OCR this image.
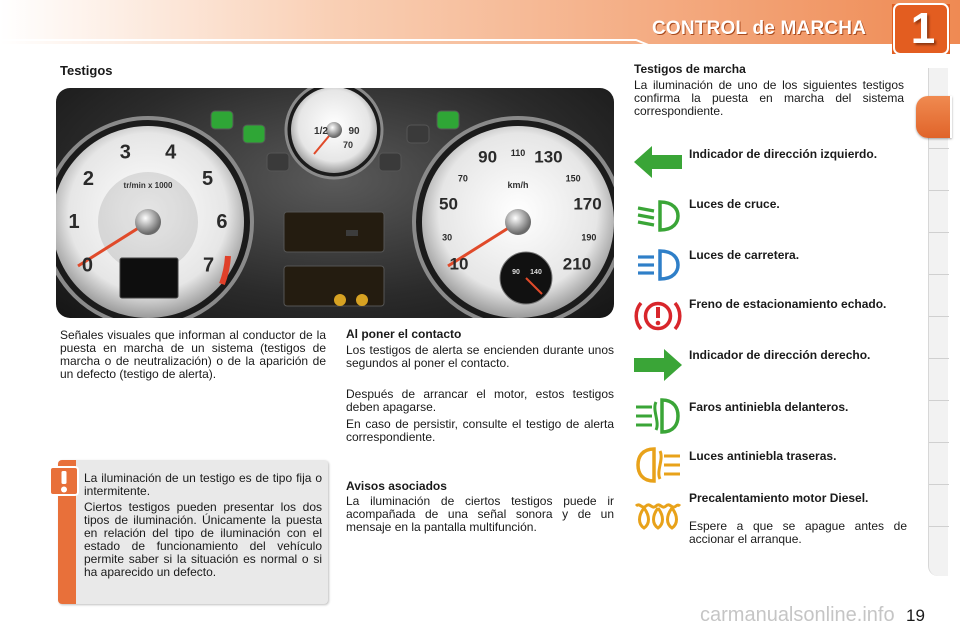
CONTROL de MARCHA 1
Testigos
0
1
2
3 4
5
6
7
tr/min x 1000
10
30
50
70
90 110 130
150
170
190
210
km/h
1/2 90
70
90 140
Señales visuales que informan al conductor de la puesta en marcha de un sistema (testigos de marcha o de neutralización) o de la aparición de un defecto (testigo de alerta).
La iluminación de un testigo es de tipo fija o intermitente.
Ciertos testigos pueden presentar los dos tipos de iluminación. Únicamente la puesta en relación del tipo de iluminación con el estado de funcionamiento del vehículo permite saber si la situación es normal o si ha aparecido un defecto.
Al poner el contacto
Los testigos de alerta se encienden durante unos segundos al poner el contacto.
Después de arrancar el motor, estos testigos deben apagarse.
En caso de persistir, consulte el testigo de alerta correspondiente.
Avisos asociados
La iluminación de ciertos testigos puede ir acompañada de una señal sonora y de un mensaje en la pantalla multifunción.
Testigos de marcha
La iluminación de uno de los siguientes testigos confirma la puesta en marcha del sistema correspondiente.
Indicador de dirección izquierdo.
Luces de cruce.
Luces de carretera.
Freno de estacionamiento echado.
Indicador de dirección derecho.
Faros antiniebla delanteros.
Luces antiniebla traseras.
Precalentamiento motor Diesel.
Espere a que se apague antes de accionar el arranque.
carmanualsonline.info 19
